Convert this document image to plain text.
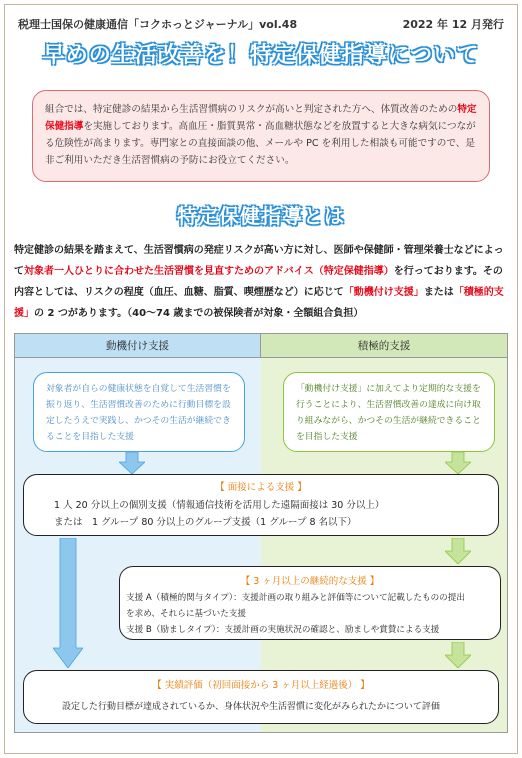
税理士国保の健康通信「コクホっとジャーナル」vol.48	2022 年 12 月発行
早めの生活改善を！特定保健指導について
組合では、特定健診の結果から生活習慣病のリスクが高いと判定された方へ、体質改善のための特定保健指導を実施しております。高血圧・脂質異常・高血糖状態などを放置すると大きな病気につながる危険性が高まります。専門家との直接面談の他、メールや PC を利用した相談も可能ですので、是非ご利用いただき生活習慣病の予防にお役立てください。
特定保健指導とは
特定健診の結果を踏まえて、生活習慣病の発症リスクが高い方に対し、医師や保健師・管理栄養士などによって対象者一人ひとりに合わせた生活習慣を見直すためのアドバイス（特定保健指導）を行っております。その内容としては、リスクの程度（血圧、血糖、脂質、喫煙歴など）に応じて「動機付け支援」または「積極的支援」の 2 つがあります。（40～74 歳までの被保険者が対象・全額組合負担）
動機付け支援	積極的支援
対象者が自らの健康状態を自覚して生活習慣を振り返り、生活習慣改善のために行動目標を設定したうえで実践し、かつその生活が継続できることを目指した支援
「動機付け支援」に加えてより定期的な支援を行うことにより、生活習慣改善の達成に向け取り組みながら、かつその生活が継続できることを目指した支援
【 面接による支援 】
1 人 20 分以上の個別支援（情報通信技術を活用した遠隔面接は 30 分以上）
または　1 グループ 80 分以上のグループ支援（1 グループ 8 名以下）
【 3 ヶ月以上の継続的な支援 】
支援 A（積極的関与タイプ）：支援計画の取り組みと評価等について記載したものの提出
を求め、それらに基づいた支援
支援 B（励ましタイプ）：支援計画の実施状況の確認と、励ましや賞賛による支援
【 実績評価（初回面接から 3 ヶ月以上経過後） 】
設定した行動目標が達成されているか、身体状況や生活習慣に変化がみられたかについて評価
